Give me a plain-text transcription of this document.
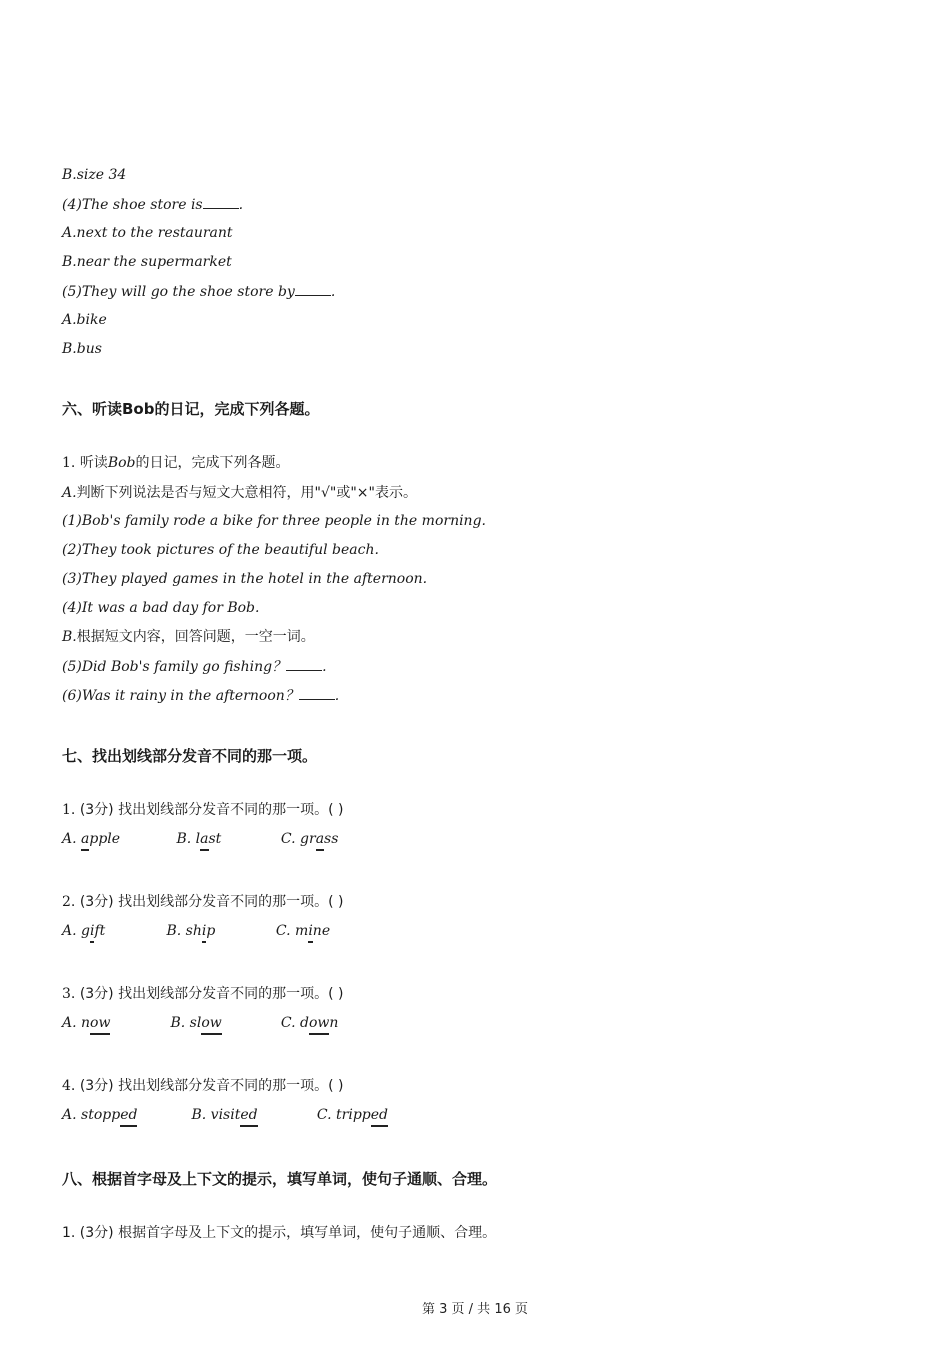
B.size 34
(4)The shoe store is	.
A.next to the restaurant
B.near the supermarket
(5)They will go the shoe store by	.
A.bike
B.bus
六、听读Bob的日记，完成下列各题。
1. 听读Bob的日记，完成下列各题。
A.判断下列说法是否与短文大意相符，用"√"或"×"表示。
(1)Bob's family rode a bike for three people in the morning.
(2)They took pictures of the beautiful beach.
(3)They played games in the hotel in the afternoon.
(4)It was a bad day for Bob.
B.根据短文内容，回答问题，一空一词。
(5)Did Bob's family go fishing？	.
(6)Was it rainy in the afternoon？	.
七、找出划线部分发音不同的那一项。
1. (3分) 找出划线部分发音不同的那一项。( )
A. apple	B. last	C. grass
2. (3分) 找出划线部分发音不同的那一项。( )
A. gift	B. ship	C. mine
3. (3分) 找出划线部分发音不同的那一项。( )
A. now	B. slow	C. down
4. (3分) 找出划线部分发音不同的那一项。( )
A. stopped	B. visited	C. tripped
八、根据首字母及上下文的提示，填写单词，使句子通顺、合理。
1. (3分) 根据首字母及上下文的提示，填写单词，使句子通顺、合理。
第 3 页 / 共 16 页
